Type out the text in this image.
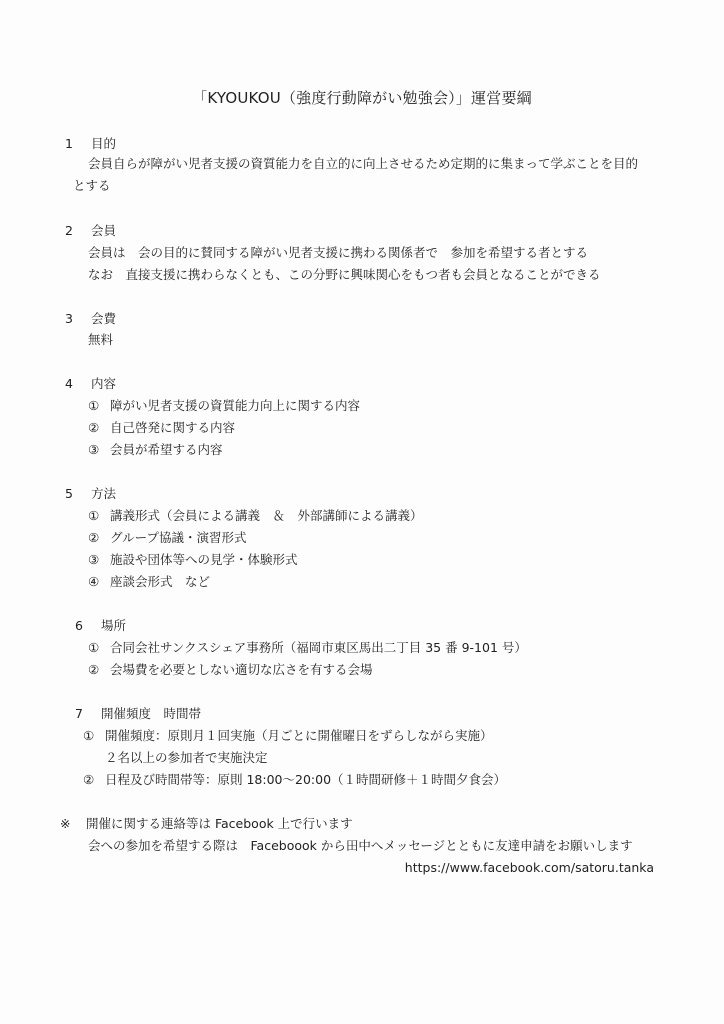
「KYOUKOU（強度行動障がい勉強会）」運営要綱
1 目的
会員自らが障がい児者支援の資質能力を自立的に向上させるため定期的に集まって学ぶことを目的
とする
2 会員
会員は　会の目的に賛同する障がい児者支援に携わる関係者で　参加を希望する者とする
なお　直接支援に携わらなくとも、この分野に興味関心をもつ者も会員となることができる
3 会費
無料
4 内容
① 障がい児者支援の資質能力向上に関する内容
② 自己啓発に関する内容
③ 会員が希望する内容
5 方法
① 講義形式（会員による講義　＆　外部講師による講義）
② グループ協議・演習形式
③ 施設や団体等への見学・体験形式
④ 座談会形式　など
6 場所
① 合同会社サンクスシェア事務所（福岡市東区馬出二丁目 35 番 9-101 号）
② 会場費を必要としない適切な広さを有する会場
7 開催頻度　時間帯
① 開催頻度：原則月１回実施（月ごとに開催曜日をずらしながら実施）
２名以上の参加者で実施決定
② 日程及び時間帯等：原則 18:00～20:00（１時間研修＋１時間夕食会）
※ 開催に関する連絡等は Facebook 上で行います
会への参加を希望する際は　Faceboook から田中へメッセージとともに友達申請をお願いします
https://www.facebook.com/satoru.tanka
